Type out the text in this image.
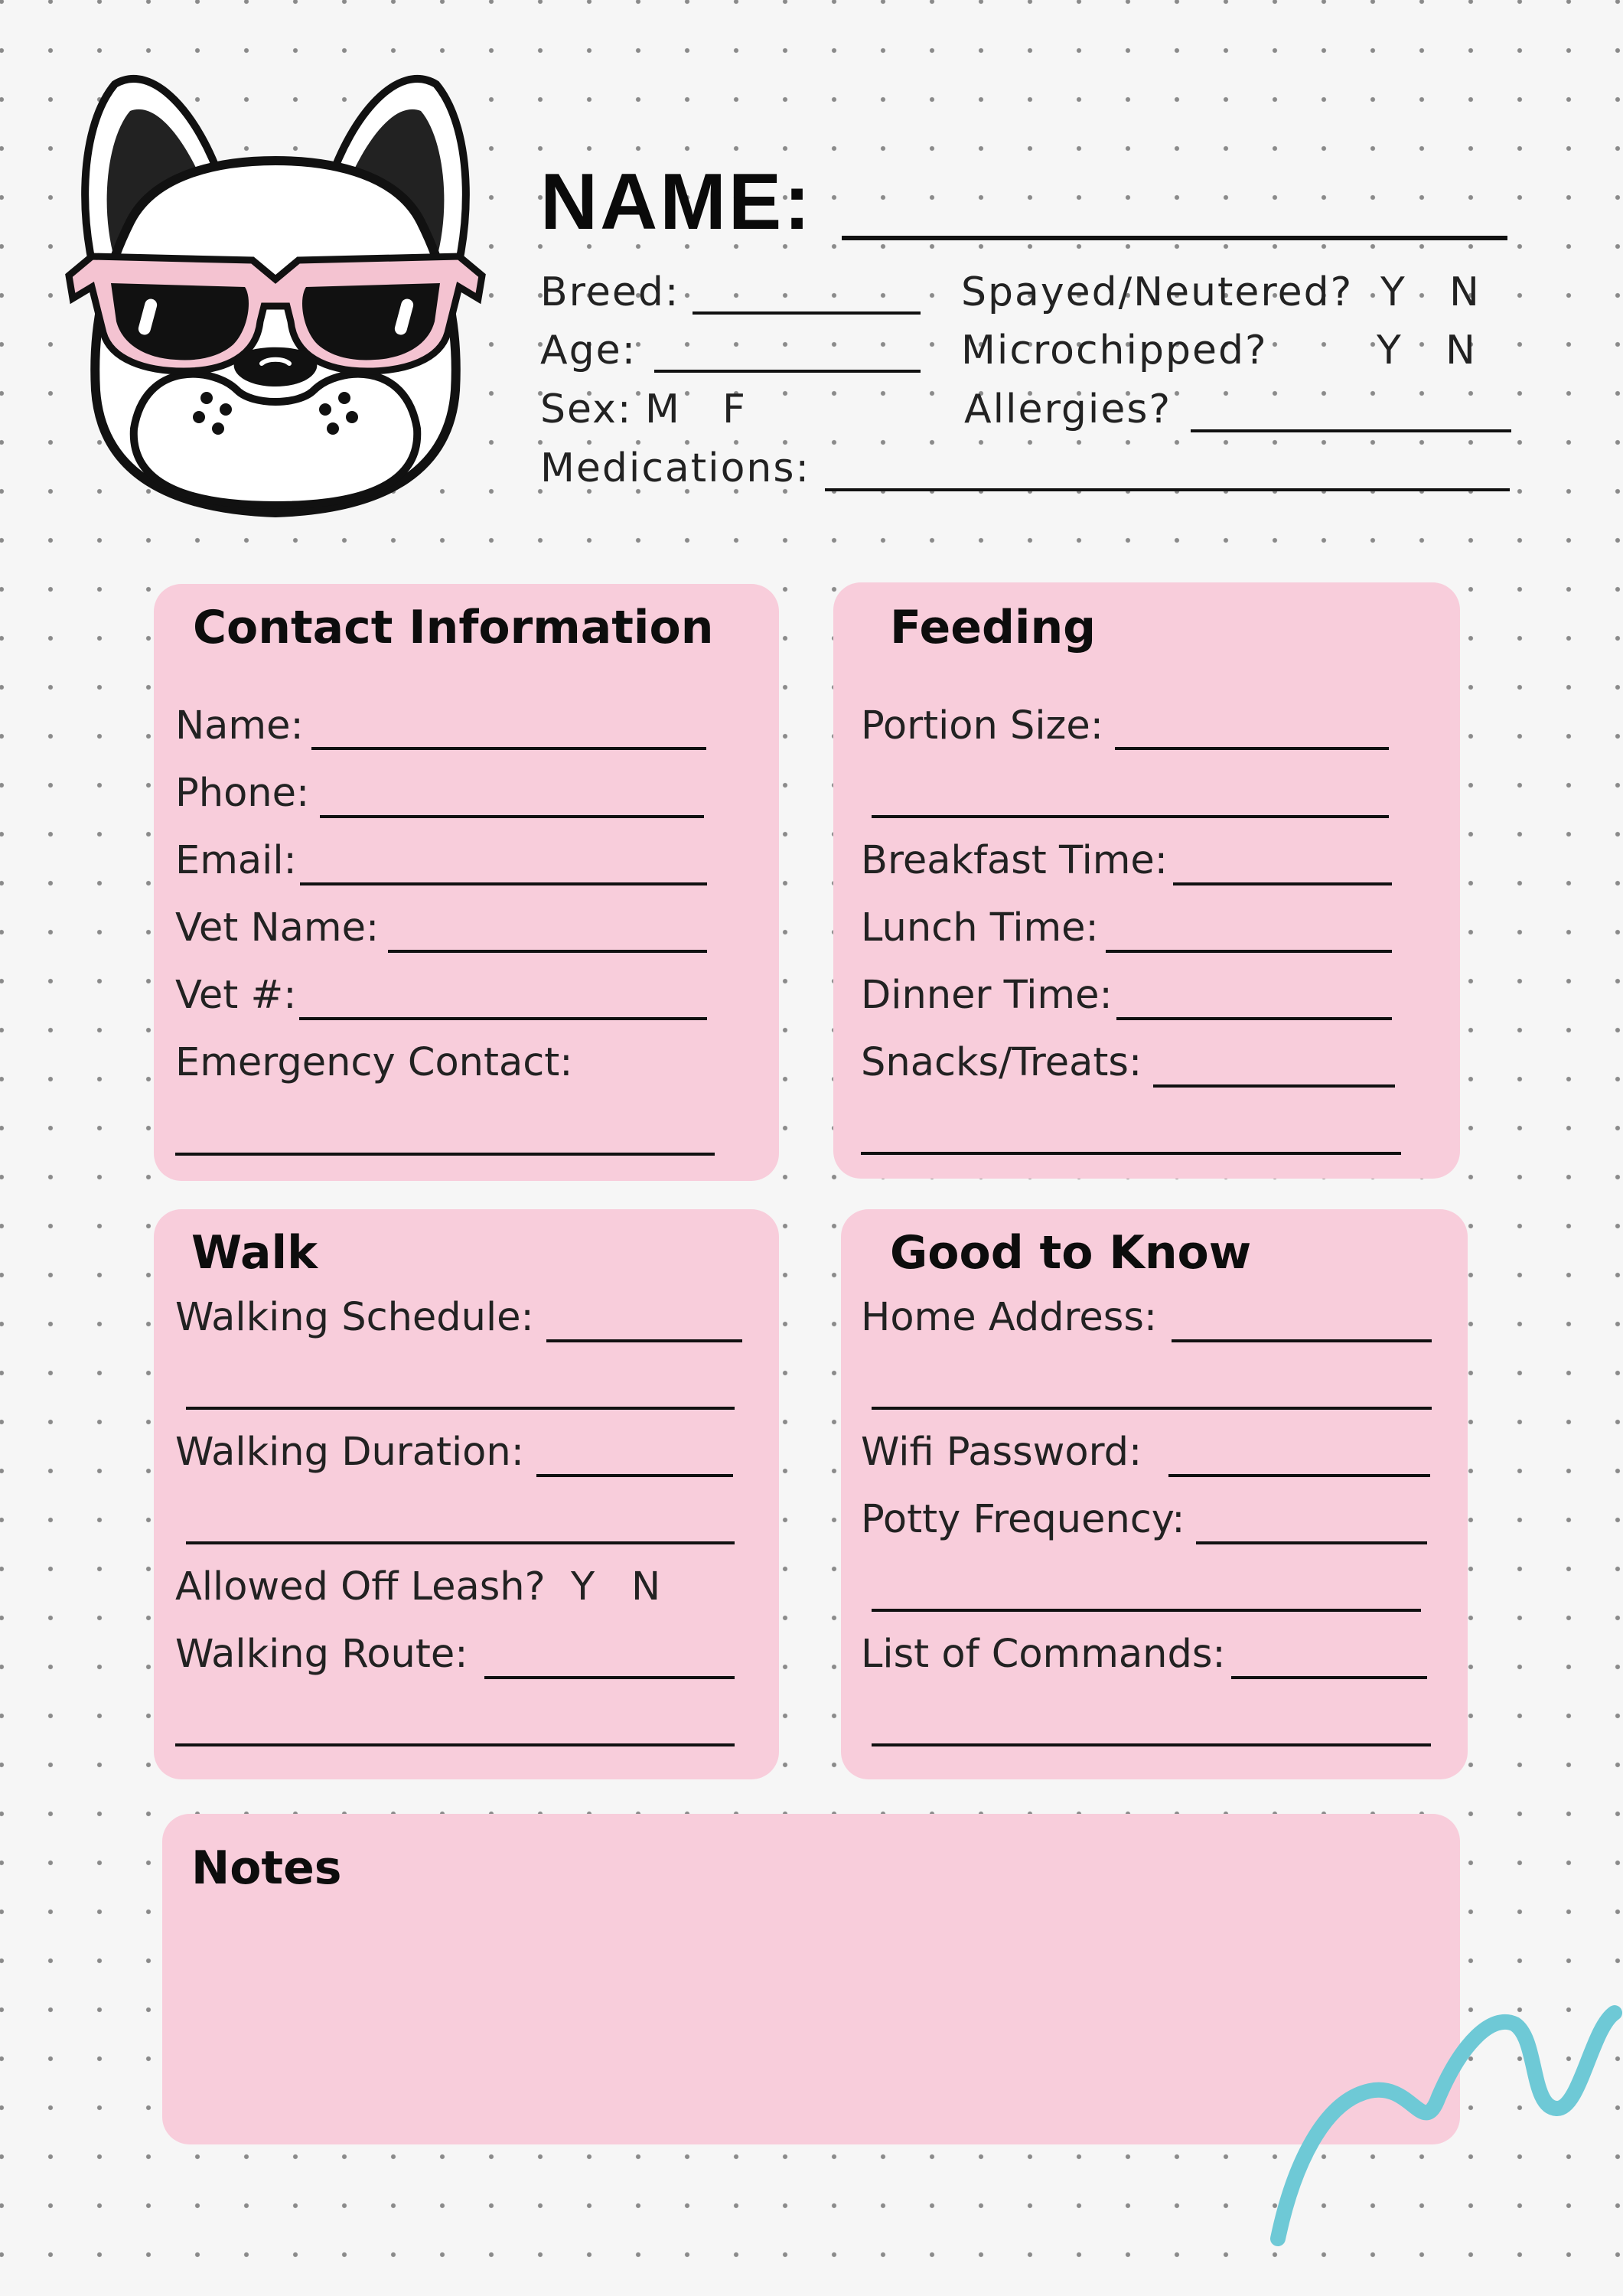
NAME:
Breed:
Age:
Sex: M F
Medications:
Spayed/Neutered? Y N
Microchipped?	Y N
Allergies?
Contact Information
Name:
Phone:
Email:
Vet Name:
Vet #:
Emergency Contact:
Feeding
Portion Size:
Breakfast Time:
Lunch Time:
Dinner Time:
Snacks/Treats:
Walk
Walking Schedule:
Walking Duration:
Allowed Off Leash? Y N
Walking Route:
Good to Know
Home Address:
Wifi Password:
Potty Frequency:
List of Commands:
Notes
